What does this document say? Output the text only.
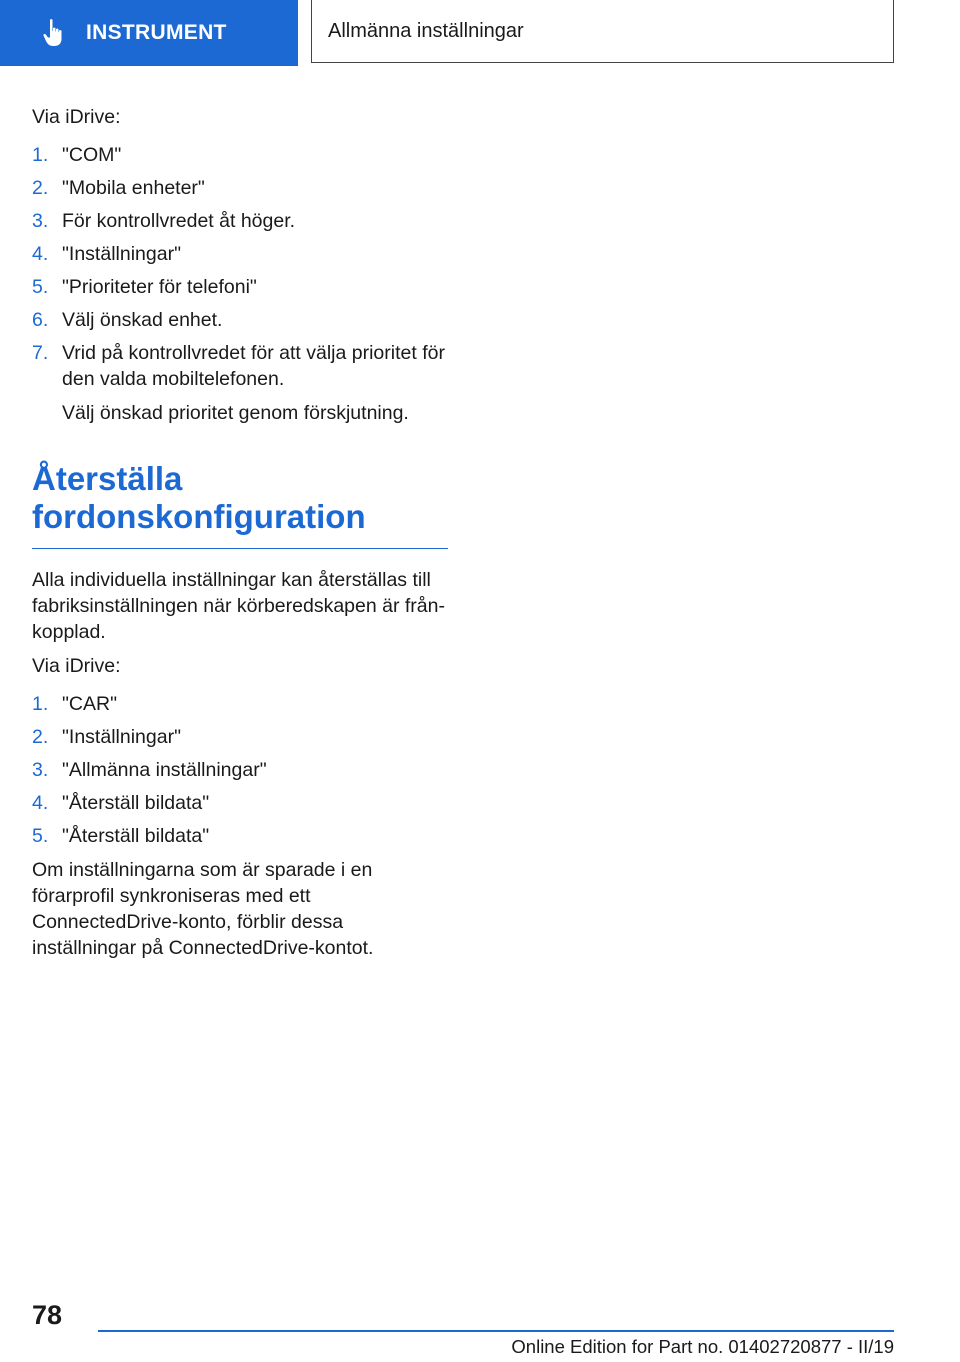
INSTRUMENT	Allmänna inställningar

Via iDrive:

1. "COM"
2. "Mobila enheter"
3. För kontrollvredet åt höger.
4. "Inställningar"
5. "Prioriteter för telefoni"
6. Välj önskad enhet.
7. Vrid på kontrollvredet för att välja prioritet för den valda mobiltelefonen.
Välj önskad prioritet genom förskjutning.
Återställa
fordonskonfiguration

Alla individuella inställningar kan återställas till fabriksinställningen när körberedskapen är från-kopplad.

Via iDrive:

1. "CAR"
2. "Inställningar"
3. "Allmänna inställningar"
4. "Återställ bildata"
5. "Återställ bildata"

Om inställningarna som är sparade i en förarprofil synkroniseras med ett ConnectedDrive-konto, förblir dessa inställningar på ConnectedDrive-kontot.

78
Online Edition for Part no. 01402720877 - II/19
